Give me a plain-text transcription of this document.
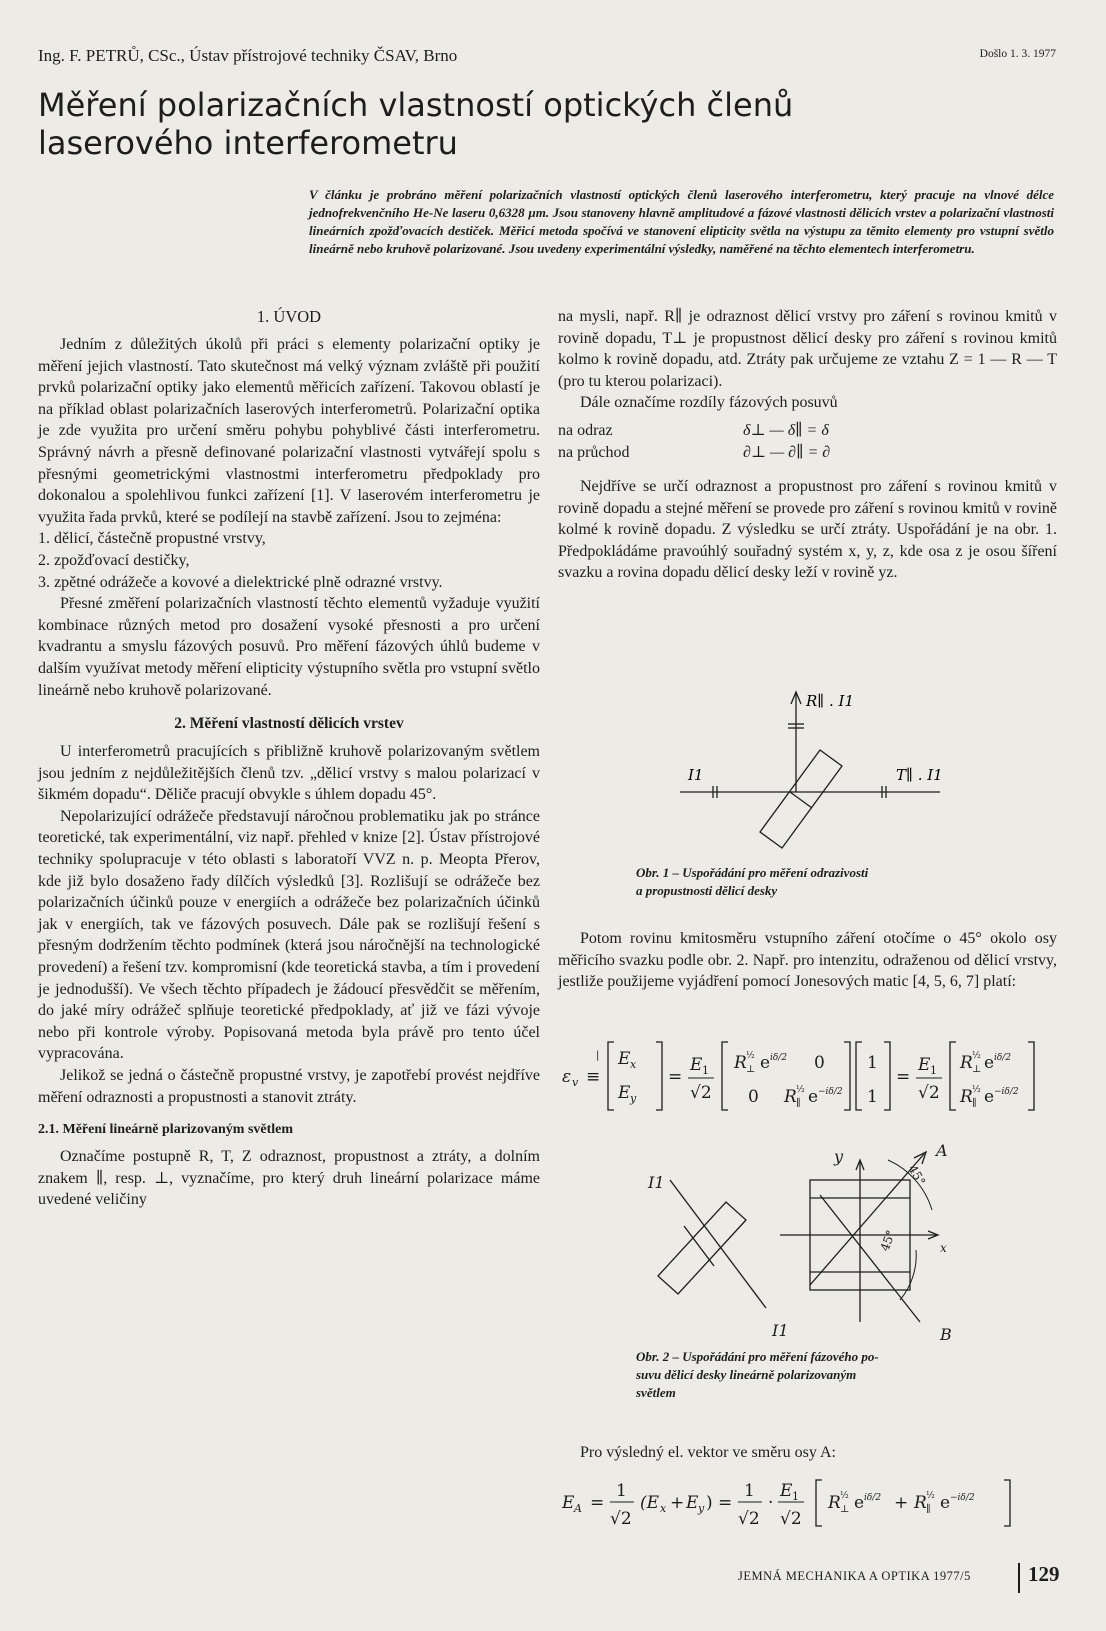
Ing. F. PETRŮ, CSc., Ústav přístrojové techniky ČSAV, Brno	Došlo 1. 3. 1977
Měření polarizačních vlastností optických členů laserového interferometru

V článku je probráno měření polarizačních vlastností optických členů laserového interferometru, který pracuje na vlnové délce jednofrekvenčního He-Ne laseru 0,6328 µm. Jsou stanoveny hlavně amplitudové a fázové vlastnosti dělicích vrstev a polarizační vlastnosti lineárních zpožďovacích destiček. Měřicí metoda spočívá ve stanovení elipticity světla na výstupu za těmito elementy pro vstupní světlo lineárně nebo kruhově polarizované. Jsou uvedeny experimentální výsledky, naměřené na těchto elementech interferometru.

1. ÚVOD

Jedním z důležitých úkolů při práci s elementy polarizační optiky je měření jejich vlastností. Tato skutečnost má velký význam zvláště při použití prvků polarizační optiky jako elementů měřicích zařízení. Takovou oblastí je na příklad oblast polarizačních laserových interferometrů. Polarizační optika je zde využita pro určení směru pohybu pohyblivé části interferometru. Správný návrh a přesně definované polarizační vlastnosti vytvářejí spolu s přesnými geometrickými vlastnostmi interferometru předpoklady pro dokonalou a spolehlivou funkci zařízení [1]. V laserovém interferometru je využita řada prvků, které se podílejí na stavbě zařízení. Jsou to zejména:

1. dělicí, částečně propustné vrstvy,
2. zpožďovací destičky,
3. zpětné odrážeče a kovové a dielektrické plně odrazné vrstvy.

Přesné změření polarizačních vlastností těchto elementů vyžaduje využití kombinace různých metod pro dosažení vysoké přesnosti a pro určení kvadrantu a smyslu fázových posuvů. Pro měření fázových úhlů budeme v dalším využívat metody měření elipticity výstupního světla pro vstupní světlo lineárně nebo kruhově polarizované.

2. Měření vlastností dělicích vrstev

U interferometrů pracujících s přibližně kruhově polarizovaným světlem jsou jedním z nejdůležitějších členů tzv. „dělicí vrstvy s malou polarizací v šikmém dopadu“. Děliče pracují obvykle s úhlem dopadu 45°.

Nepolarizující odrážeče představují náročnou problematiku jak po stránce teoretické, tak experimentální, viz např. přehled v knize [2]. Ústav přístrojové techniky spolupracuje v této oblasti s laboratoří VVZ n. p. Meopta Přerov, kde již bylo dosaženo řady dílčích výsledků [3]. Rozlišují se odrážeče bez polarizačních účinků pouze v energiích a odrážeče bez polarizačních účinků jak v energiích, tak ve fázových posuvech. Dále pak se rozlišují řešení s přesným dodržením těchto podmínek (která jsou náročnější na technologické provedení) a řešení tzv. kompromisní (kde teoretická stavba, a tím i provedení je jednodušší). Ve všech těchto případech je žádoucí přesvědčit se měřením, do jaké míry odrážeč splňuje teoretické předpoklady, ať již ve fázi vývoje nebo při kontrole výroby. Popisovaná metoda byla právě pro tento účel vypracována.

Jelikož se jedná o částečně propustné vrstvy, je zapotřebí provést nejdříve měření odraznosti a propustnosti a stanovit ztráty.

2.1. Měření lineárně plarizovaným světlem

Označíme postupně R, T, Z odraznost, propustnost a ztráty, a dolním znakem ∥, resp. ⊥, vyznačíme, pro který druh lineární polarizace máme uvedené veličiny

na mysli, např. R∥ je odraznost dělicí vrstvy pro záření s rovinou kmitů v rovině dopadu, T⊥ je propustnost dělicí desky pro záření s rovinou kmitů kolmo k rovině dopadu, atd. Ztráty pak určujeme ze vztahu Z = 1 — R — T (pro tu kterou polarizaci).

Dále označíme rozdíly fázových posuvů

na odraz	δ⊥ — δ∥ = δ
na průchod	∂⊥ — ∂∥ = ∂

Nejdříve se určí odraznost a propustnost pro záření s rovinou kmitů v rovině dopadu a stejné měření se provede pro záření s rovinou kmitů v rovině kolmé k rovině dopadu. Z výsledku se určí ztráty. Uspořádání je na obr. 1. Předpokládáme pravoúhlý souřadný systém x, y, z, kde osa z je osou šíření svazku a rovina dopadu dělicí desky leží v rovině yz.

R∥ . I1
I1	T∥ . I1
Obr. 1 – Uspořádání pro měření odrazivosti
a propustnosti dělicí desky

Potom rovinu kmitosměru vstupního záření otočíme o 45° okolo osy měřicího svazku podle obr. 2. Např. pro intenzitu, odraženou od dělicí vrstvy, jestliže použijeme vyjádření pomocí Jonesových matic [4, 5, 6, 7] platí:

ε v ≡
| E x
E y
=
E 1
√2
R ⊥
½ e iδ/2 0
0 R ∥
½ e −iδ/2
1
1
=
E 1
√2
R ⊥
½ e iδ/2
R ∥
½ e −iδ/2
y
x
A
B
I1
I1
45°
45°
Obr. 2 – Uspořádání pro měření fázového po-
suvu dělicí desky lineárně polarizovaným
světlem

Pro výsledný el. vektor ve směru osy A:

E A =
1
√2
(E x + E y ) =
1
√2
·
E 1
√2
R ⊥
½ e iδ/2 + R ∥
½ e −iδ/2
JEMNÁ MECHANIKA A OPTIKA 1977/5	129
